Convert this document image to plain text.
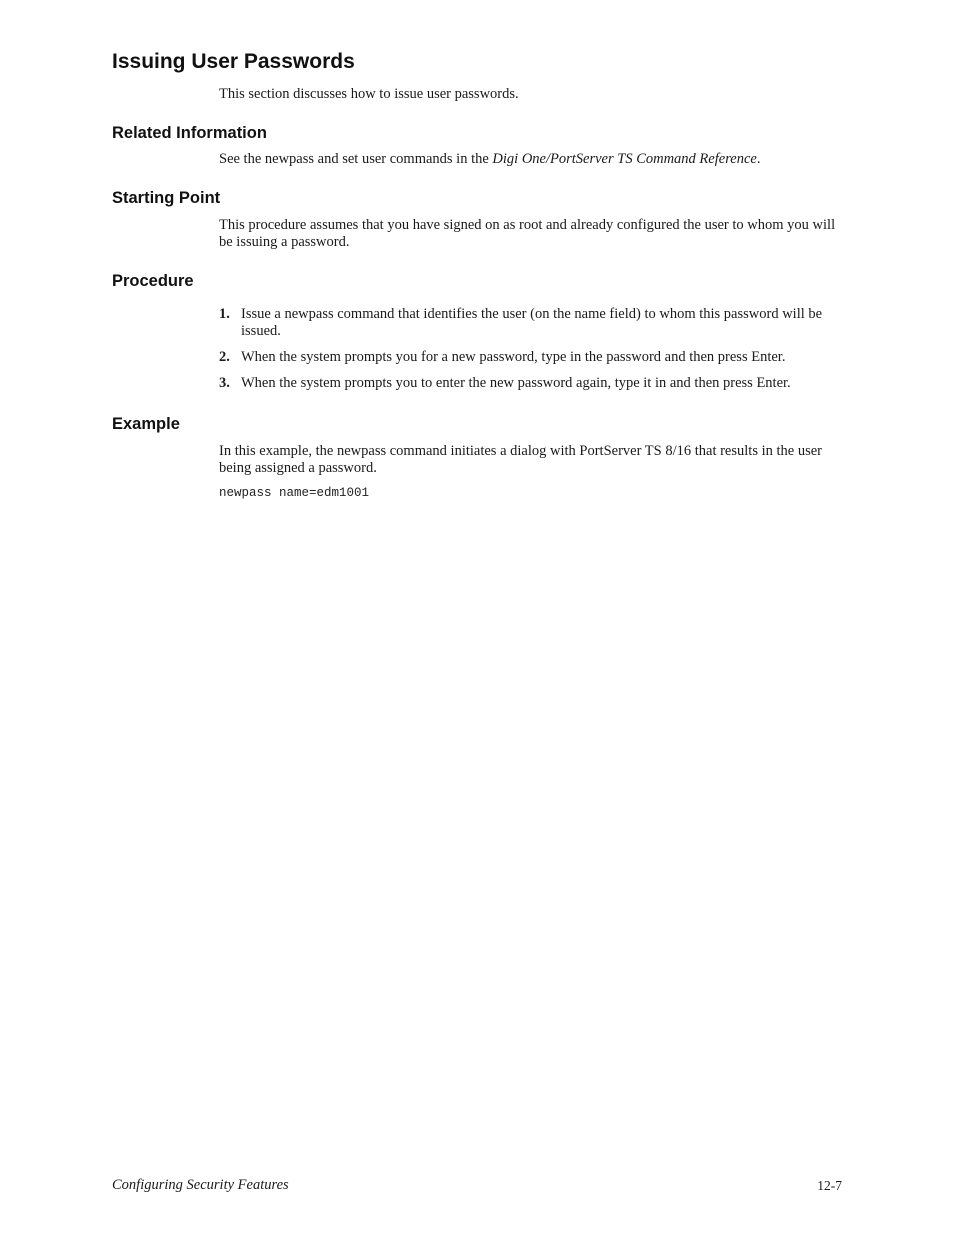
Issuing User Passwords

This section discusses how to issue user passwords.

Related Information

See the newpass and set user commands in the Digi One/PortServer TS Command Reference.

Starting Point

This procedure assumes that you have signed on as root and already configured the user to whom you will be issuing a password.

Procedure
1. Issue a newpass command that identifies the user (on the name field) to whom this password will be issued.
2. When the system prompts you for a new password, type in the password and then press Enter.
3. When the system prompts you to enter the new password again, type it in and then press Enter.
Example

In this example, the newpass command initiates a dialog with PortServer TS 8/16 that results in the user being assigned a password.

newpass name=edm1001
Configuring Security Features	12-7
